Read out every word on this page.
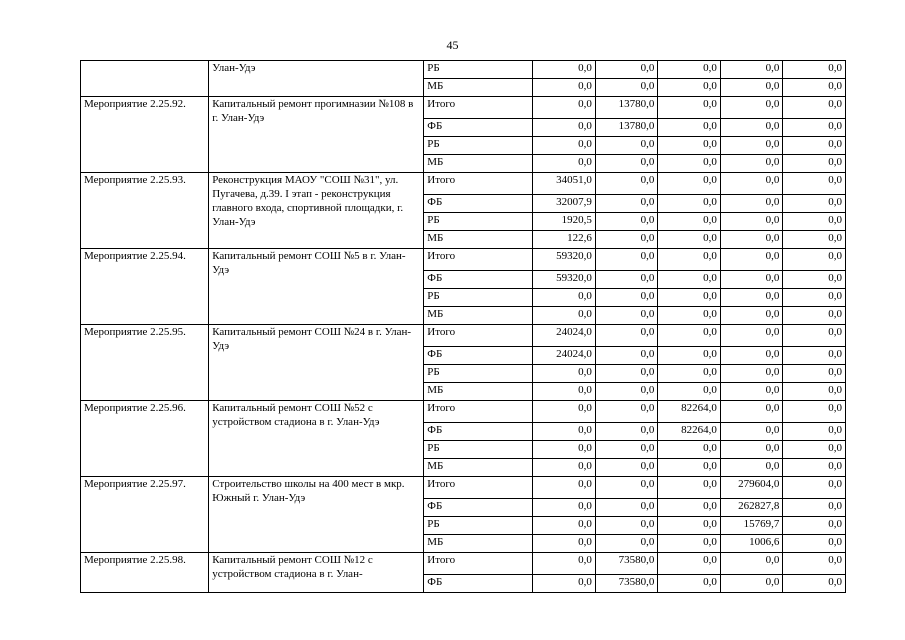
45
	Улан-Удэ	РБ	0,0	0,0	0,0	0,0	0,0
		МБ	0,0	0,0	0,0	0,0	0,0
Мероприятие 2.25.92.	Капитальный ремонт прогимназии №108 в г. Улан-Удэ	Итого	0,0	13780,0	0,0	0,0	0,0
		ФБ	0,0	13780,0	0,0	0,0	0,0
		РБ	0,0	0,0	0,0	0,0	0,0
		МБ	0,0	0,0	0,0	0,0	0,0
Мероприятие 2.25.93.	Реконструкция МАОУ "СОШ №31", ул. Пугачева, д.39. I этап - реконструкция главного входа, спортивной площадки, г. Улан-Удэ	Итого	34051,0	0,0	0,0	0,0	0,0
		ФБ	32007,9	0,0	0,0	0,0	0,0
		РБ	1920,5	0,0	0,0	0,0	0,0
		МБ	122,6	0,0	0,0	0,0	0,0
Мероприятие 2.25.94.	Капитальный ремонт СОШ №5 в г. Улан-Удэ	Итого	59320,0	0,0	0,0	0,0	0,0
		ФБ	59320,0	0,0	0,0	0,0	0,0
		РБ	0,0	0,0	0,0	0,0	0,0
		МБ	0,0	0,0	0,0	0,0	0,0
Мероприятие 2.25.95.	Капитальный ремонт СОШ №24 в г. Улан-Удэ	Итого	24024,0	0,0	0,0	0,0	0,0
		ФБ	24024,0	0,0	0,0	0,0	0,0
		РБ	0,0	0,0	0,0	0,0	0,0
		МБ	0,0	0,0	0,0	0,0	0,0
Мероприятие 2.25.96.	Капитальный ремонт СОШ №52 с устройством стадиона в г. Улан-Удэ	Итого	0,0	0,0	82264,0	0,0	0,0
		ФБ	0,0	0,0	82264,0	0,0	0,0
		РБ	0,0	0,0	0,0	0,0	0,0
		МБ	0,0	0,0	0,0	0,0	0,0
Мероприятие 2.25.97.	Строительство школы на 400 мест в мкр. Южный г. Улан-Удэ	Итого	0,0	0,0	0,0	279604,0	0,0
		ФБ	0,0	0,0	0,0	262827,8	0,0
		РБ	0,0	0,0	0,0	15769,7	0,0
		МБ	0,0	0,0	0,0	1006,6	0,0
Мероприятие 2.25.98.	Капитальный ремонт СОШ №12 с устройством стадиона в г. Улан-	Итого	0,0	73580,0	0,0	0,0	0,0
		ФБ	0,0	73580,0	0,0	0,0	0,0
